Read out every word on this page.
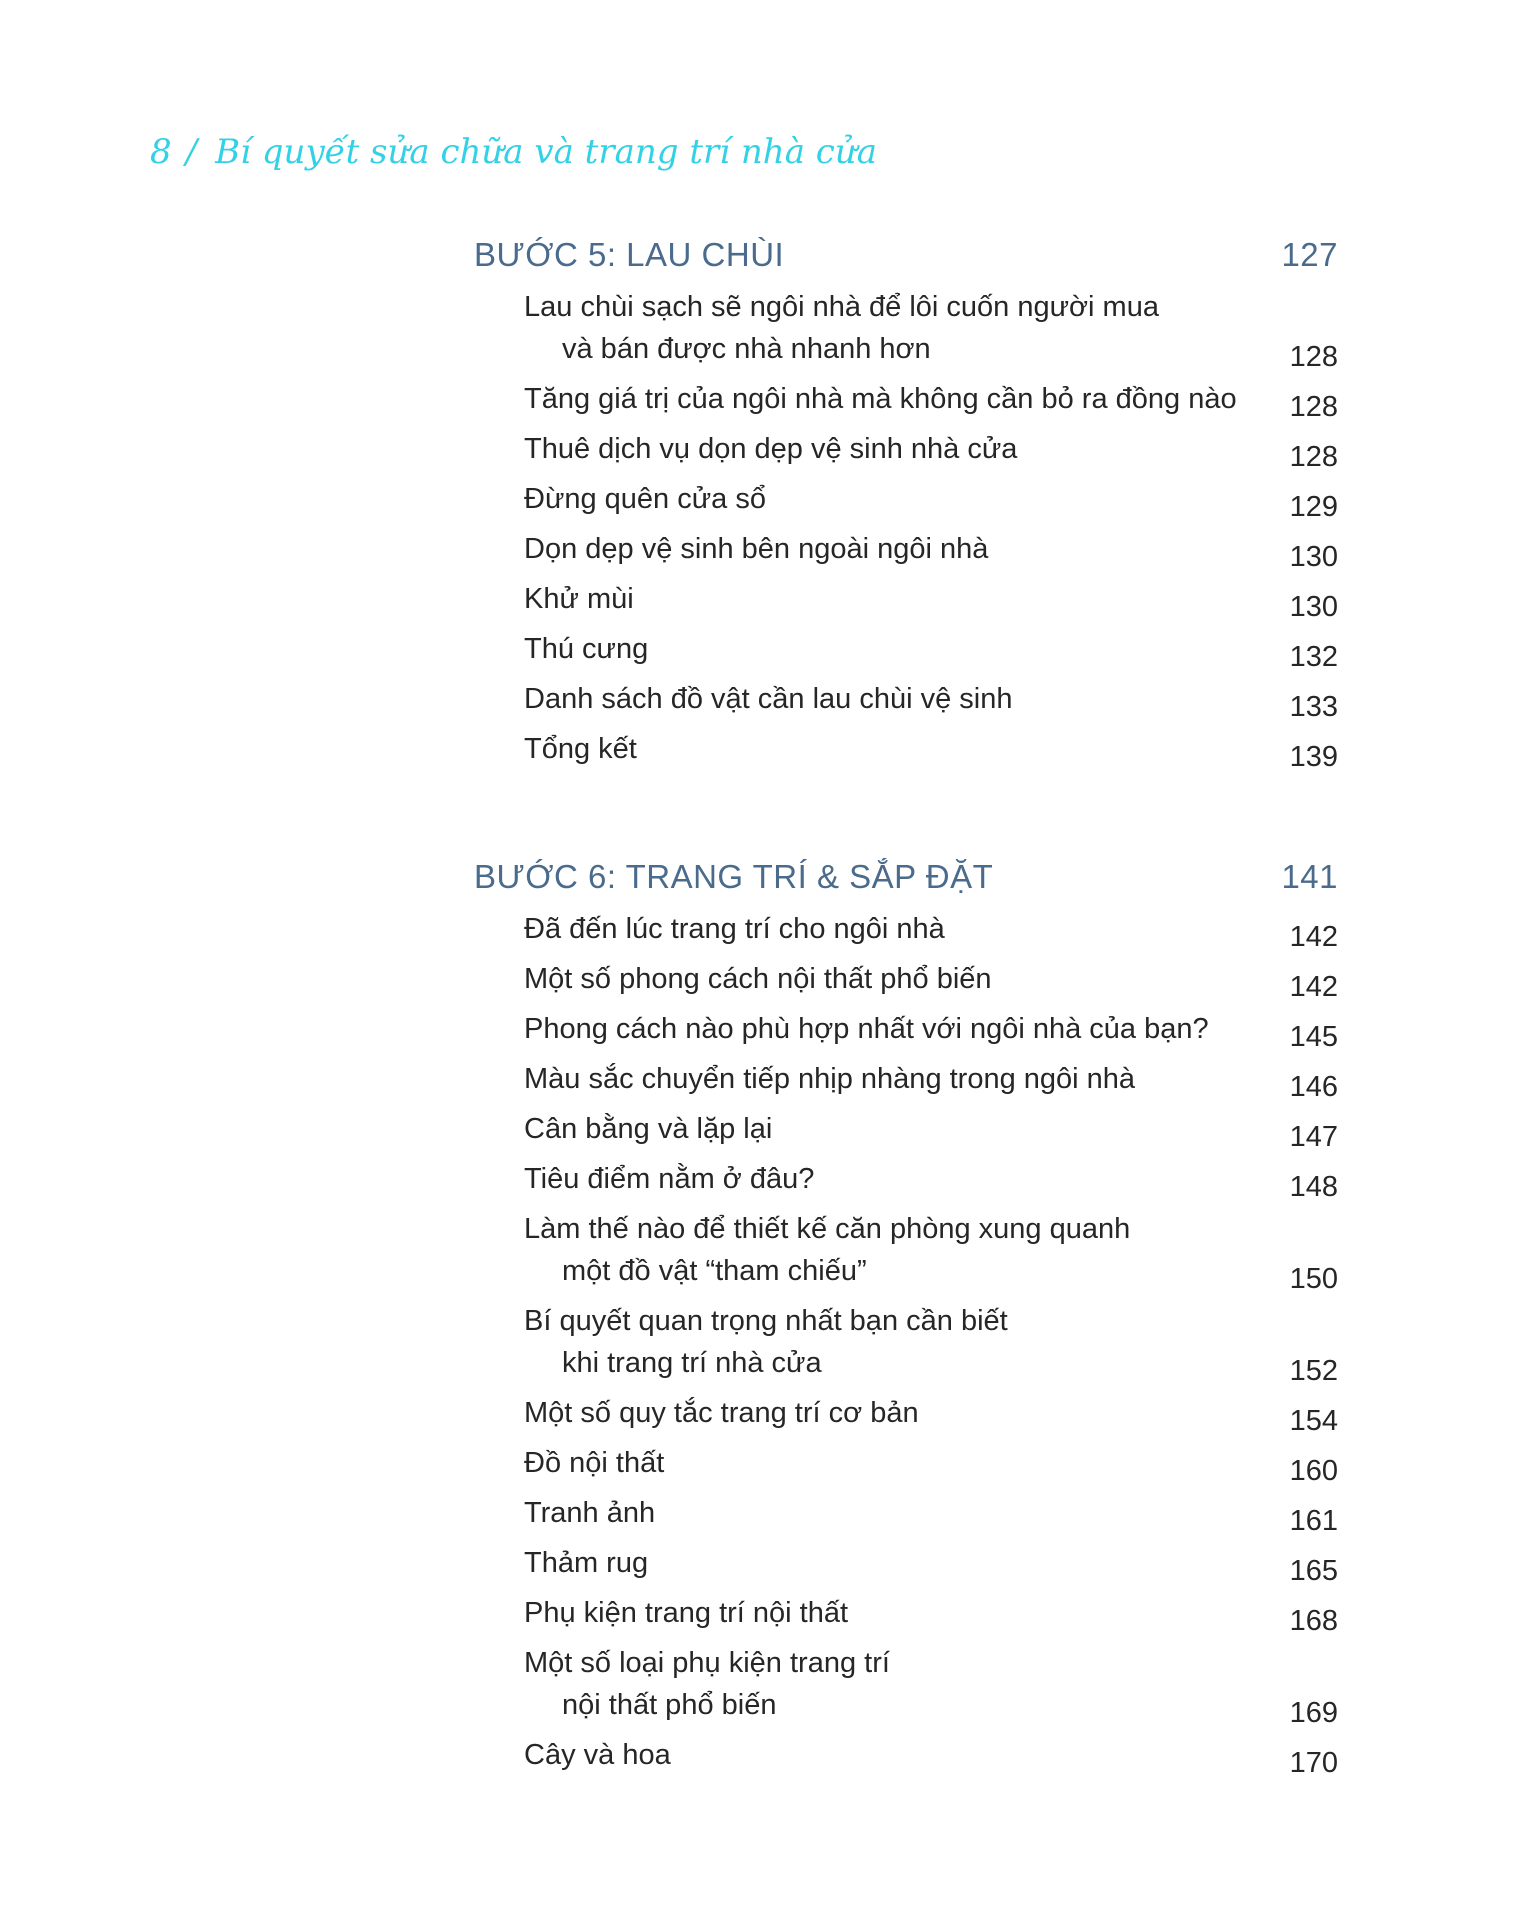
8 / Bí quyết sửa chữa và trang trí nhà cửa
BƯỚC 5: LAU CHÙI	127
Lau chùi sạch sẽ ngôi nhà để lôi cuốn người mua
và bán được nhà nhanh hơn	128
Tăng giá trị của ngôi nhà mà không cần bỏ ra đồng nào	128
Thuê dịch vụ dọn dẹp vệ sinh nhà cửa	128
Đừng quên cửa sổ	129
Dọn dẹp vệ sinh bên ngoài ngôi nhà	130
Khử mùi	130
Thú cưng	132
Danh sách đồ vật cần lau chùi vệ sinh	133
Tổng kết	139
BƯỚC 6: TRANG TRÍ & SẮP ĐẶT	141
Đã đến lúc trang trí cho ngôi nhà	142
Một số phong cách nội thất phổ biến	142
Phong cách nào phù hợp nhất với ngôi nhà của bạn?	145
Màu sắc chuyển tiếp nhịp nhàng trong ngôi nhà	146
Cân bằng và lặp lại	147
Tiêu điểm nằm ở đâu?	148
Làm thế nào để thiết kế căn phòng xung quanh
một đồ vật “tham chiếu”	150
Bí quyết quan trọng nhất bạn cần biết
khi trang trí nhà cửa	152
Một số quy tắc trang trí cơ bản	154
Đồ nội thất	160
Tranh ảnh	161
Thảm rug	165
Phụ kiện trang trí nội thất	168
Một số loại phụ kiện trang trí
nội thất phổ biến	169
Cây và hoa	170
